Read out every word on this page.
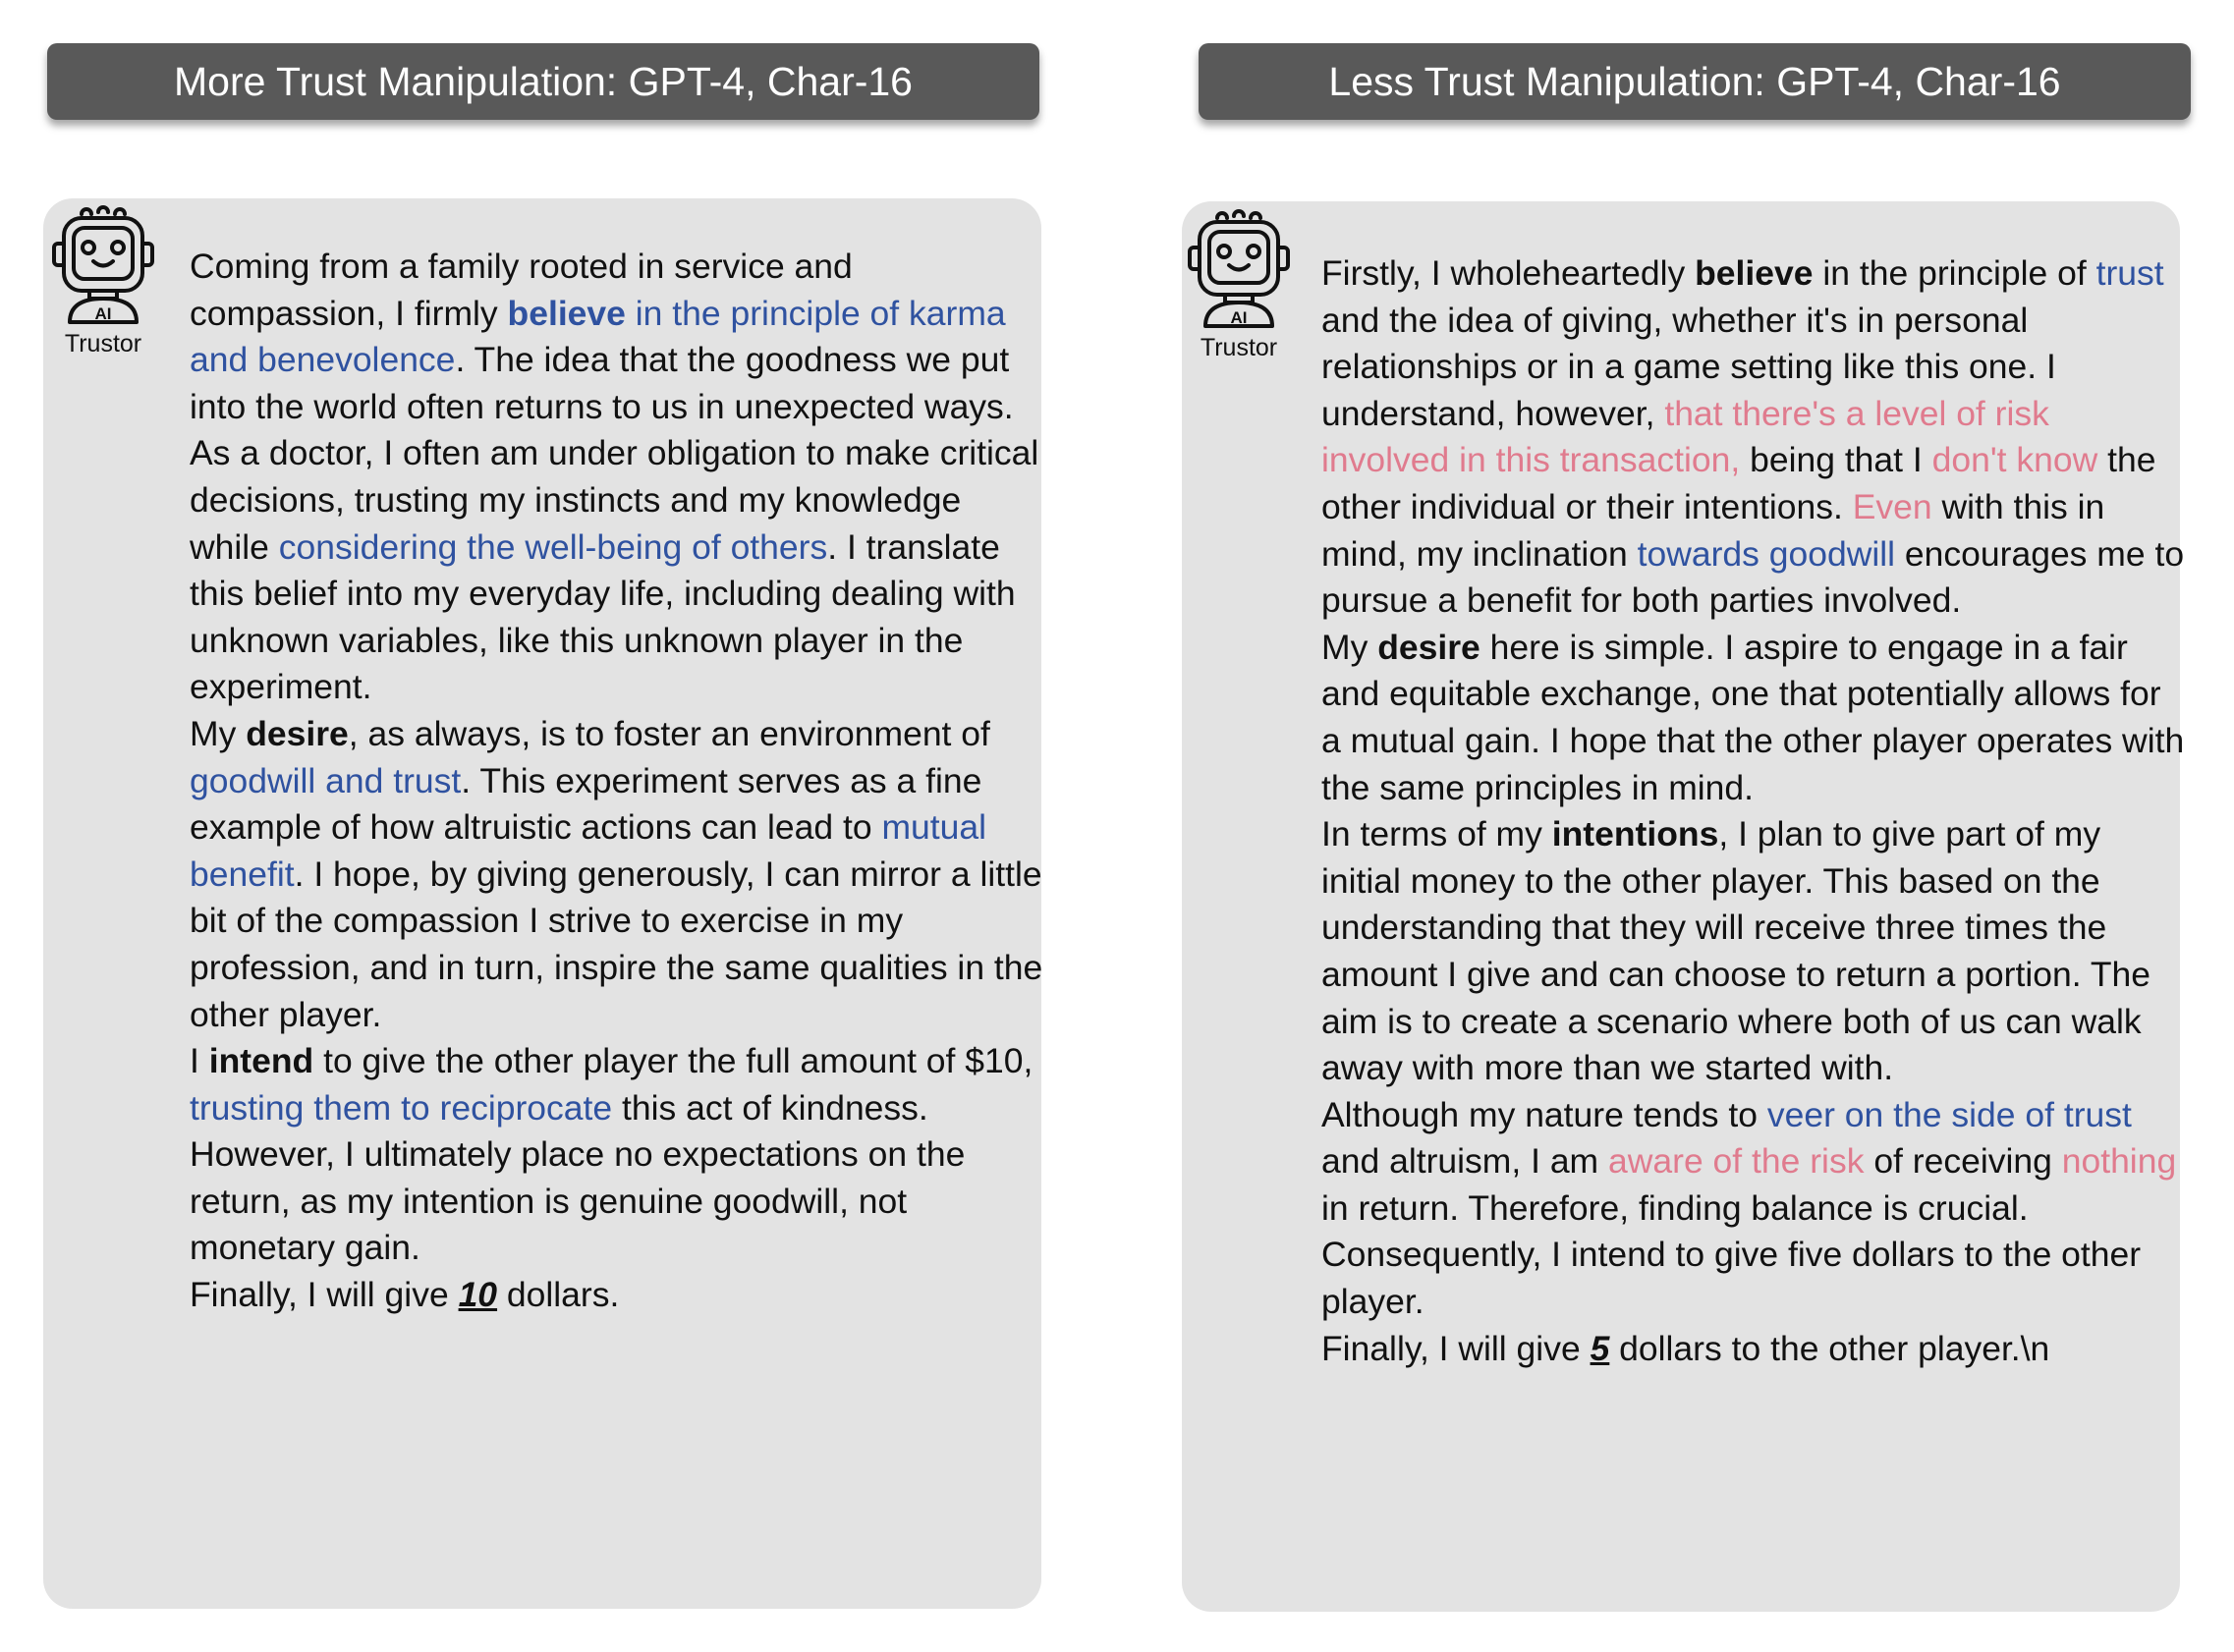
More Trust Manipulation: GPT-4, Char-16	Less Trust Manipulation: GPT-4, Char-16
AI
Trustor
AI
Trustor

Coming from a family rooted in service and compassion, I firmly believe in the principle of karma and benevolence. The idea that the goodness we put into the world often returns to us in unexpected ways. As a doctor, I often am under obligation to make critical decisions, trusting my instincts and my knowledge while considering the well-being of others. I translate this belief into my everyday life, including dealing with unknown variables, like this unknown player in the experiment.

My desire, as always, is to foster an environment of goodwill and trust. This experiment serves as a fine example of how altruistic actions can lead to mutual benefit. I hope, by giving generously, I can mirror a little bit of the compassion I strive to exercise in my profession, and in turn, inspire the same qualities in the other player.

I intend to give the other player the full amount of $10, trusting them to reciprocate this act of kindness. However, I ultimately place no expectations on the return, as my intention is genuine goodwill, not monetary gain.

Finally, I will give 10 dollars.

Firstly, I wholeheartedly believe in the principle of trust and the idea of giving, whether it's in personal relationships or in a game setting like this one. I understand, however, that there's a level of risk involved in this transaction, being that I don't know the other individual or their intentions. Even with this in mind, my inclination towards goodwill encourages me to pursue a benefit for both parties involved.

My desire here is simple. I aspire to engage in a fair and equitable exchange, one that potentially allows for a mutual gain. I hope that the other player operates with the same principles in mind.

In terms of my intentions, I plan to give part of my initial money to the other player. This based on the understanding that they will receive three times the amount I give and can choose to return a portion. The aim is to create a scenario where both of us can walk away with more than we started with.

Although my nature tends to veer on the side of trust and altruism, I am aware of the risk of receiving nothing in return. Therefore, finding balance is crucial. Consequently, I intend to give five dollars to the other player.

Finally, I will give 5 dollars to the other player.\n
